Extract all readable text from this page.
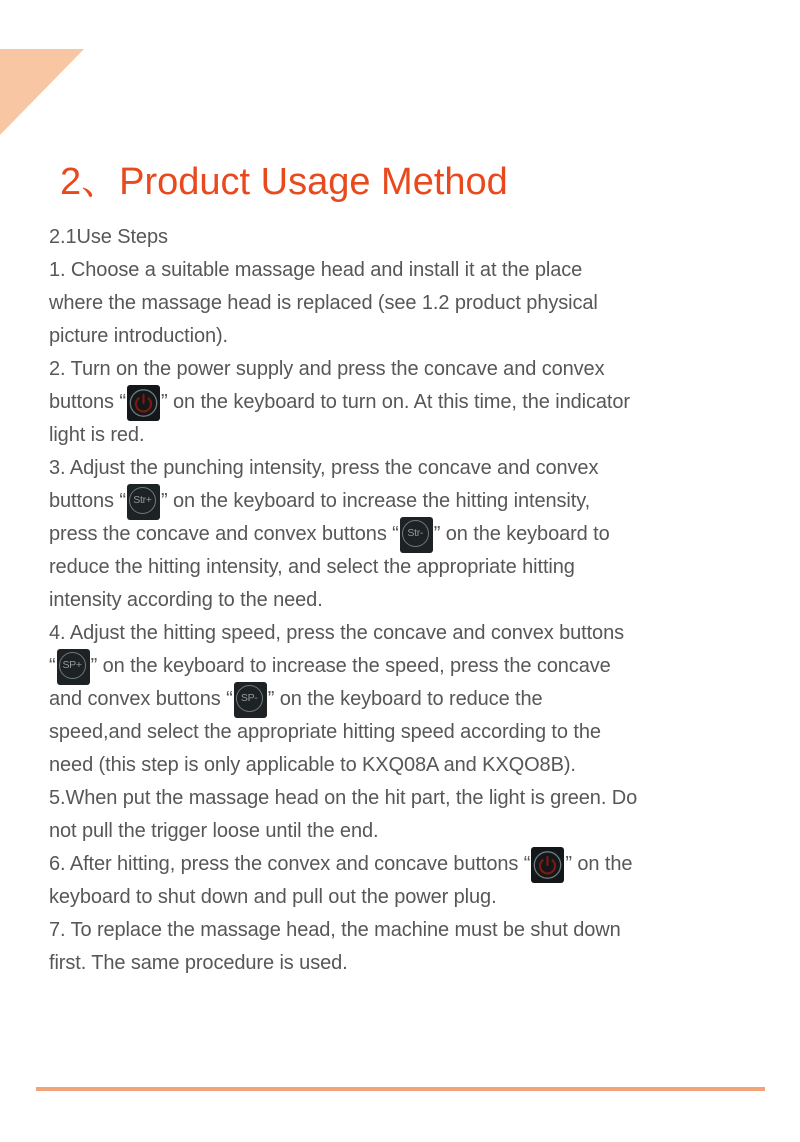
2、Product Usage Method

2.1Use Steps

1. Choose a suitable massage head and install it at the place
where the massage head is replaced (see 1.2 product physical
picture introduction).

2. Turn on the power supply and press the concave and convex
buttons “ ” on the keyboard to turn on. At this time, the indicator
light is red.

3. Adjust the punching intensity, press the concave and convex
buttons “ Str+ ” on the keyboard to increase the hitting intensity,
press the concave and convex buttons “ Str- ” on the keyboard to
reduce the hitting intensity, and select the appropriate hitting
intensity according to the need.

4. Adjust the hitting speed, press the concave and convex buttons
“ SP+ ” on the keyboard to increase the speed, press the concave
and convex buttons “ SP- ” on the keyboard to reduce the
speed,and select the appropriate hitting speed according to the
need (this step is only applicable to KXQ08A and KXQO8B).

5.When put the massage head on the hit part, the light is green. Do
not pull the trigger loose until the end.

6. After hitting, press the convex and concave buttons “ ” on the
keyboard to shut down and pull out the power plug.

7. To replace the massage head, the machine must be shut down
first. The same procedure is used.
